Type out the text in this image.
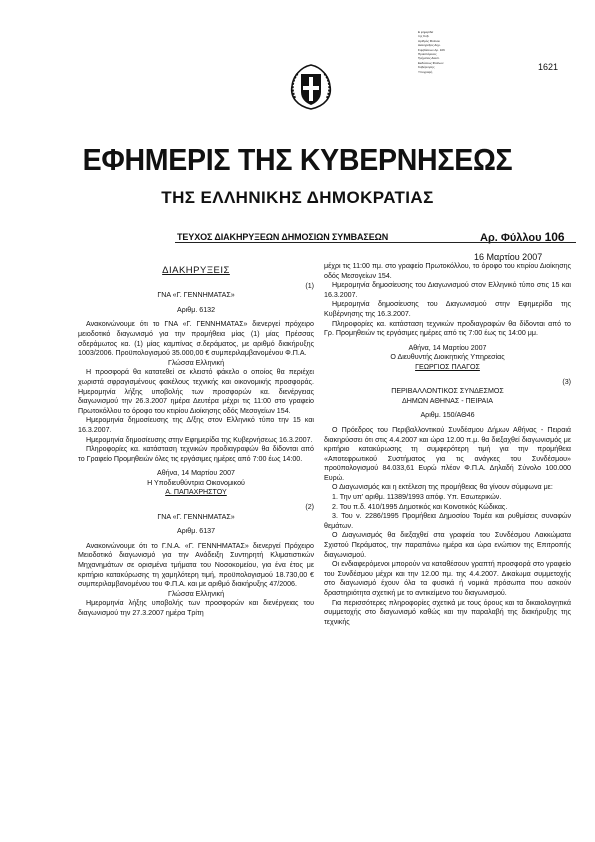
Ε φημερίδα
της Κυβ.
Αριθμός Φύλλου
Διακηρύξεις Δημ.
Συμβάσεων Αρ. 106
Προϊστάμενος
Τμήματος Διεκπ.
Εκδόσεως Φύλλων
Κυβέρνησης
Υπογραφή	1621
ΕΦΗΜΕΡΙΣ ΤΗΣ ΚΥΒΕΡΝΗΣΕΩΣ
ΤΗΣ ΕΛΛΗΝΙΚΗΣ ΔΗΜΟΚΡΑΤΙΑΣ
ΤΕΥΧΟΣ ΔΙΑΚΗΡΥΞΕΩΝ ΔΗΜΟΣΙΩΝ ΣΥΜΒΑΣΕΩΝ	Αρ. Φύλλου 106
16 Μαρτίου 2007
ΔΙΑΚΗΡΥΞΕΙΣ

(1)

ΓΝΑ «Γ. ΓΕΝΝΗΜΑΤΑΣ»

Αριθμ. 6132

Ανακοινώνουμε ότι το ΓΝΑ «Γ. ΓΕΝΝΗΜΑΤΑΣ» διενεργεί πρόχειρο μειοδοτικό διαγωνισμό για την προμήθεια μίας (1) μίας Πρέσσας σδεράμωτος κα. (1) μίας καμπίνας σ.δεράματος, με αριθμό διακήρυξης 1003/2006. Προϋπολογισμού 35.000,00 € συμπεριλαμβανομένου Φ.Π.Α.

Γλώσσα Ελληνική

Η προσφορά θα κατατεθεί σε κλειστό φάκελο ο οποίος θα περιέχει χωριστά σφραγισμένους φακέλους τεχνικής και οικονομικής προσφοράς. Ημερομηνία λήξης υποβολής των προσφορών κα. διενέργειας διαγωνισμού την 26.3.2007 ημέρα Δευτέρα μέχρι τις 11:00 στο γραφείο Πρωτοκόλλου το όροφο του κτιρίου Διοίκησης οδός Μεσογείων 154.

Ημερομηνία δημοσίευσης της Δ/ξης στον Ελληνικό τύπο την 15 και 16.3.2007.

Ημερομηνία δημοσίευσης στην Εφημερίδα της Κυβερνήσεως 16.3.2007.

Πληροφορίες κα. κατάσταση τεχνικών προδιαγραφών θα δίδονται από το Γραφείο Προμηθειών όλες τις εργάσιμες ημέρες από 7:00 έως 14:00.

Αθήνα, 14 Μαρτίου 2007

Η Υποδιευθύντρια Οικονομικού

Α. ΠΑΠΑΧΡΗΣΤΟΥ

(2)

ΓΝΑ «Γ. ΓΕΝΝΗΜΑΤΑΣ»

Αριθμ. 6137

Ανακοινώνουμε ότι το Γ.Ν.Α. «Γ. ΓΕΝΝΗΜΑΤΑΣ» διενεργεί Πρόχειρο Μειοδοτικό διαγωνισμό για την Ανάδειξη Συντηρητή Κλιματιστικών Μηχανημάτων σε ορισμένα τμήματα του Νοσοκομείου, για ένα έτος με κριτήριο κατακύρωσης τη χαμηλότερη τιμή, προϋπολογισμού 18.730,00 € συμπεριλαμβανομένου του Φ.Π.Α. και με αριθμό διακήρυξης 47/2006.

Γλώσσα Ελληνική

Ημερομηνία λήξης υποβολής των προσφορών και διενέργειας του διαγωνισμού την 27.3.2007 ημέρα Τρίτη

μέχρι τις 11:00 πμ. στο γραφείο Πρωτοκόλλου, το όροφο του κτιρίου Διοίκησης οδός Μεσογείων 154.

Ημερομηνία δημοσίευσης του Διαγωνισμού στον Ελληνικό τύπο στις 15 και 16.3.2007.

Ημερομηνία δημοσίευσης του Διαγωνισμού στην Εφημερίδα της Κυβέρνησης της 16.3.2007.

Πληροφορίες κα. κατάσταση τεχνικών προδιαγραφών θα δίδονται από το Γρ. Προμηθειών τις εργάσιμες ημέρες από τις 7:00 έως τις 14:00 μμ.

Αθήνα, 14 Μαρτίου 2007

Ο Διευθυντής Διοικητικής Υπηρεσίας

ΓΕΩΡΓΙΟΣ ΠΛΑΓΟΣ

(3)

ΠΕΡΙΒΑΛΛΟΝΤΙΚΟΣ ΣΥΝΔΕΣΜΟΣ

ΔΗΜΩΝ ΑΘΗΝΑΣ - ΠΕΙΡΑΙΑ

Αριθμ. 150/ΑΘ46

Ο Πρόεδρος του Περιβαλλοντικού Συνδέσμου Δήμων Αθήνας - Πειραιά διακηρύσσει ότι στις 4.4.2007 και ώρα 12.00 π.μ. θα διεξαχθεί διαγωνισμός με κριτήριο κατακύρωσης τη συμφερότερη τιμή για την προμήθεια «Αποτεφρωτικού Συστήματος για τις ανάγκες του Συνδέσμου» προϋπολογισμού 84.033,61 Ευρώ πλέον Φ.Π.Α. Δηλαδή Σύνολο 100.000 Ευρώ.

Ο Διαγωνισμός και η εκτέλεση της προμήθειας θα γίνουν σύμφωνα με:

1. Την υπ' αριθμ. 11389/1993 απόφ. Υπ. Εσωτερικών.

2. Του π.δ. 410/1995 Δημοτικός και Κοινοτικός Κώδικας.

3. Του ν. 2286/1995 Προμήθεια Δημοσίου Τομέα και ρυθμίσεις συναφών θεμάτων.

Ο Διαγωνισμός θα διεξαχθεί στα γραφεία του Συνδέσμου Λακκώματα Σχιστού Περάματος, την παραπάνω ημέρα και ώρα ενώπιον της Επιτροπής διαγωνισμού.

Οι ενδιαφερόμενοι μπορούν να καταθέσουν γραπτή προσφορά στο γραφείο του Συνδέσμου μέχρι και την 12.00 πμ. της 4.4.2007. Δικαίωμα συμμετοχής στο διαγωνισμό έχουν όλα τα φυσικά ή νομικά πρόσωπα που ασκούν δραστηριότητα σχετική με το αντικείμενο του διαγωνισμού.

Για περισσότερες πληροφορίες σχετικά με τους όρους και τα δικαιολογητικά συμμετοχής στο διαγωνισμό καθώς και την παραλαβή της διακήρυξης της τεχνικής
